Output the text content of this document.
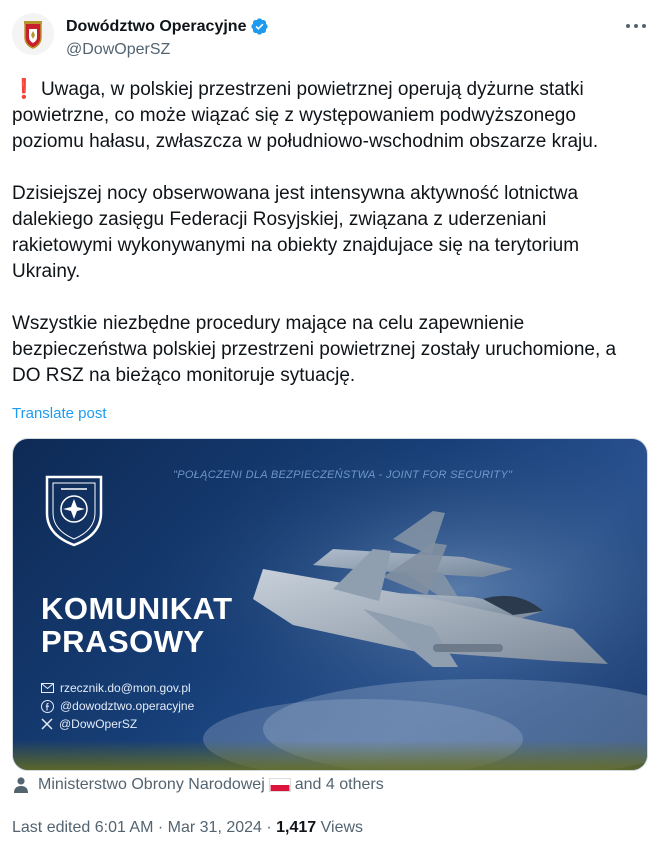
Dowództwo Operacyjne
@DowOperSZ

❗ Uwaga, w polskiej przestrzeni powietrznej operują dyżurne statki powietrzne, co może wiązać się z występowaniem podwyższonego poziomu hałasu, zwłaszcza w południowo-wschodnim obszarze kraju.

Dzisiejszej nocy obserwowana jest intensywna aktywność lotnictwa dalekiego zasięgu Federacji Rosyjskiej, związana z uderzeniani rakietowymi wykonywanymi na obiekty znajdujace się na terytorium Ukrainy.

Wszystkie niezbędne procedury mające na celu zapewnienie bezpieczeństwa polskiej przestrzeni powietrznej zostały uruchomione, a DO RSZ na bieżąco monitoruje sytuację.

Translate post
"POŁĄCZENI DLA BEZPIECZEŃSTWA - JOINT FOR SECURITY"
KOMUNIKAT PRASOWY
rzecznik.do@mon.gov.pl
@dowodztwo.operacyjne
@DowOperSZ
Ministerstwo Obrony Narodowej and 4 others
Last edited 6:01 AM · Mar 31, 2024 · 1,417 Views
